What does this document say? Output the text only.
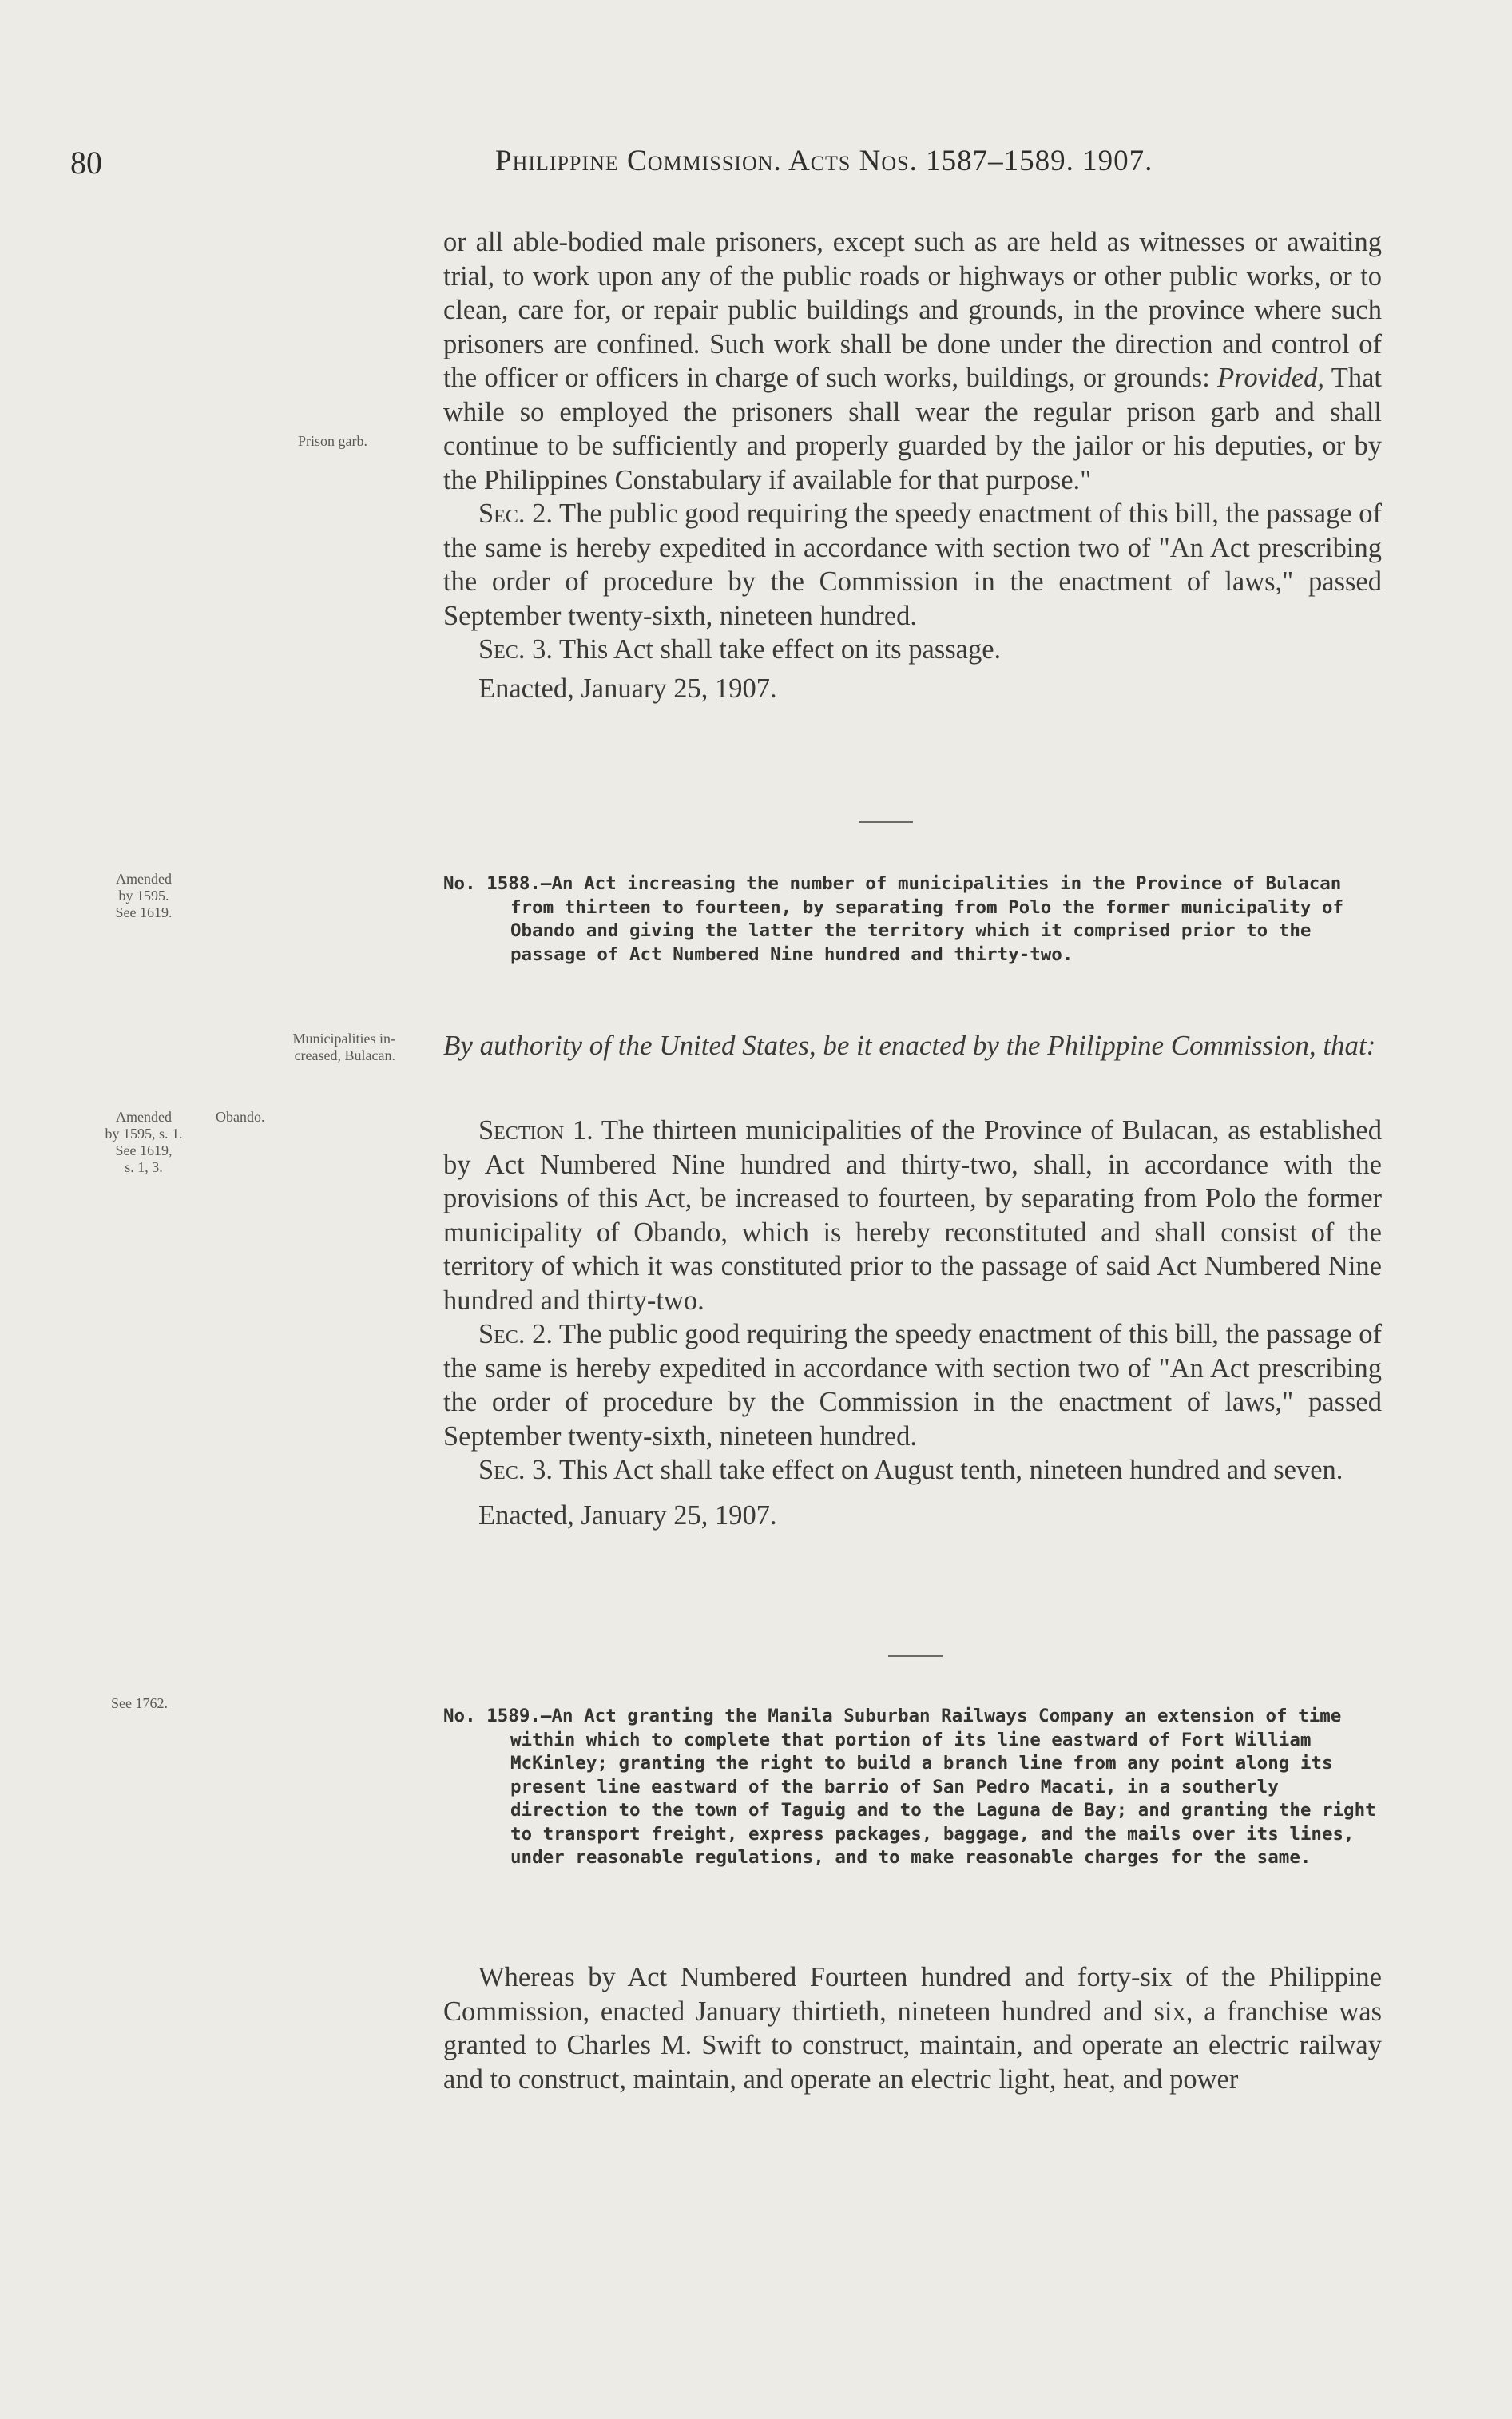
80	Philippine Commission. Acts Nos. 1587–1589. 1907.

or all able-bodied male prisoners, except such as are held as witnesses or awaiting trial, to work upon any of the public roads or highways or other public works, or to clean, care for, or repair public buildings and grounds, in the province where such prisoners are confined. Such work shall be done under the direction and control of the officer or officers in charge of such works, buildings, or grounds: Provided, That while so employed the prisoners shall wear the regular prison garb and shall continue to be sufficiently and properly guarded by the jailor or his deputies, or by the Philippines Constabulary if available for that purpose."

Sec. 2. The public good requiring the speedy enactment of this bill, the passage of the same is hereby expedited in accordance with section two of "An Act prescribing the order of procedure by the Commission in the enactment of laws," passed September twenty-sixth, nineteen hundred.

Sec. 3. This Act shall take effect on its passage.

Enacted, January 25, 1907.

Prison garb.
Amended
by 1595.
See 1619.
No. 1588.—An Act increasing the number of municipalities in the Province of Bulacan from thirteen to fourteen, by separating from Polo the former municipality of Obando and giving the latter the territory which it comprised prior to the passage of Act Numbered Nine hundred and thirty-two.
Municipalities in-
creased, Bulacan. By authority of the United States, be it enacted by the Philippine Commission, that:
Amended
by 1595, s. 1.
See 1619,
s. 1, 3.
Obando.	Section 1. The thirteen municipalities of the Province of Bulacan, as established by Act Numbered Nine hundred and thirty-two, shall, in accordance with the provisions of this Act, be increased to fourteen, by separating from Polo the former municipality of Obando, which is hereby reconstituted and shall consist of the territory of which it was constituted prior to the passage of said Act Numbered Nine hundred and thirty-two.

Sec. 2. The public good requiring the speedy enactment of this bill, the passage of the same is hereby expedited in accordance with section two of "An Act prescribing the order of procedure by the Commission in the enactment of laws," passed September twenty-sixth, nineteen hundred.

Sec. 3. This Act shall take effect on August tenth, nineteen hundred and seven.

Enacted, January 25, 1907.

See 1762.
No. 1589.—An Act granting the Manila Suburban Railways Company an extension of time within which to complete that portion of its line eastward of Fort William McKinley; granting the right to build a branch line from any point along its present line eastward of the barrio of San Pedro Macati, in a southerly direction to the town of Taguig and to the Laguna de Bay; and granting the right to transport freight, express packages, baggage, and the mails over its lines, under reasonable regulations, and to make reasonable charges for the same.

Whereas by Act Numbered Fourteen hundred and forty-six of the Philippine Commission, enacted January thirtieth, nineteen hundred and six, a franchise was granted to Charles M. Swift to construct, maintain, and operate an electric railway and to construct, maintain, and operate an electric light, heat, and power
